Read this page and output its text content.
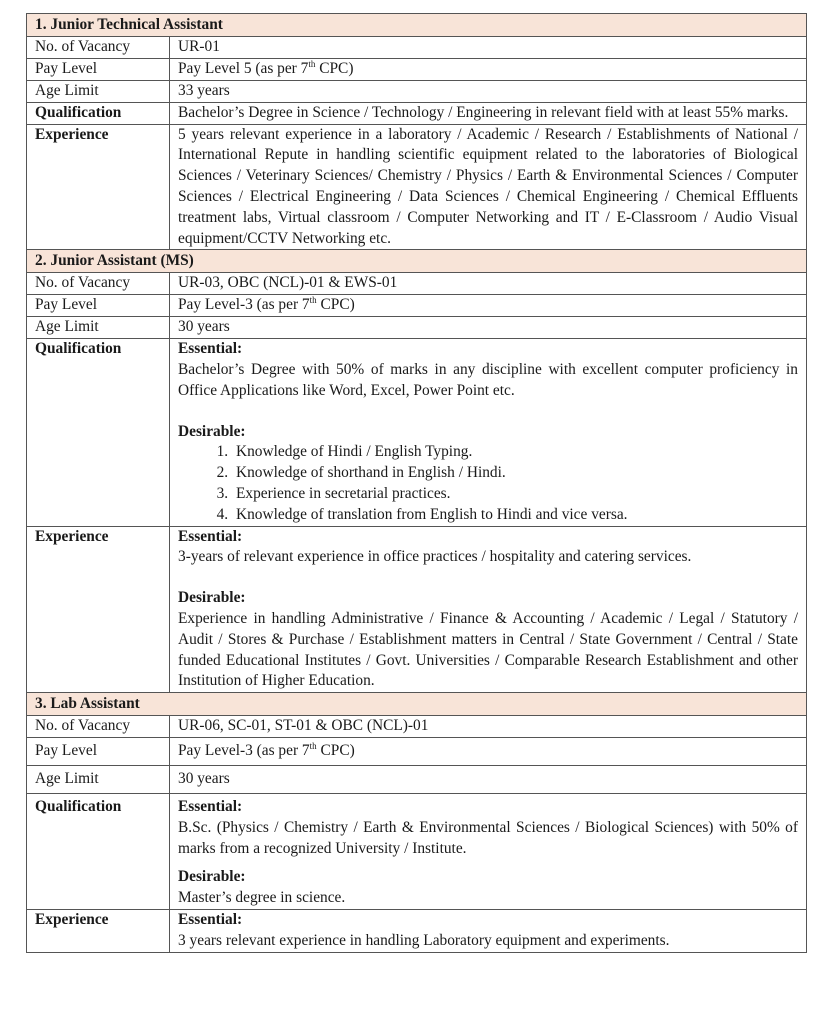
1. Junior Technical Assistant	
No. of Vacancy	UR-01
Pay Level	Pay Level 5 (as per 7th CPC)
Age Limit	33 years
Qualification	Bachelor’s Degree in Science / Technology / Engineering in relevant field with at least 55% marks.
Experience	5 years relevant experience in a laboratory / Academic / Research / Establishments of National / International Repute in handling scientific equipment related to the laboratories of Biological Sciences / Veterinary Sciences/ Chemistry / Physics / Earth & Environmental Sciences / Computer Sciences / Electrical Engineering / Data Sciences / Chemical Engineering / Chemical Effluents treatment labs, Virtual classroom / Computer Networking and IT / E-Classroom / Audio Visual equipment/CCTV Networking etc.
2. Junior Assistant (MS)	
No. of Vacancy	UR-03, OBC (NCL)-01 & EWS-01
Pay Level	Pay Level-3 (as per 7th CPC)
Age Limit	30 years
Qualification	Essential:
Bachelor’s Degree with 50% of marks in any discipline with excellent computer proficiency in Office Applications like Word, Excel, Power Point etc.
Desirable:
1. Knowledge of Hindi / English Typing.
2. Knowledge of shorthand in English / Hindi.
3. Experience in secretarial practices.
4. Knowledge of translation from English to Hindi and vice versa.

Experience	Essential:
3-years of relevant experience in office practices / hospitality and catering services.
Desirable:
Experience in handling Administrative / Finance & Accounting / Academic / Legal / Statutory / Audit / Stores & Purchase / Establishment matters in Central / State Government / Central / State funded Educational Institutes / Govt. Universities / Comparable Research Establishment and other Institution of Higher Education.

3. Lab Assistant	
No. of Vacancy	UR-06, SC-01, ST-01 & OBC (NCL)-01
Pay Level	Pay Level-3 (as per 7th CPC)
Age Limit	30 years
Qualification	Essential:
B.Sc. (Physics / Chemistry / Earth & Environmental Sciences / Biological Sciences) with 50% of marks from a recognized University / Institute.
Desirable:
Master’s degree in science.

Experience	Essential:
3 years relevant experience in handling Laboratory equipment and experiments.
